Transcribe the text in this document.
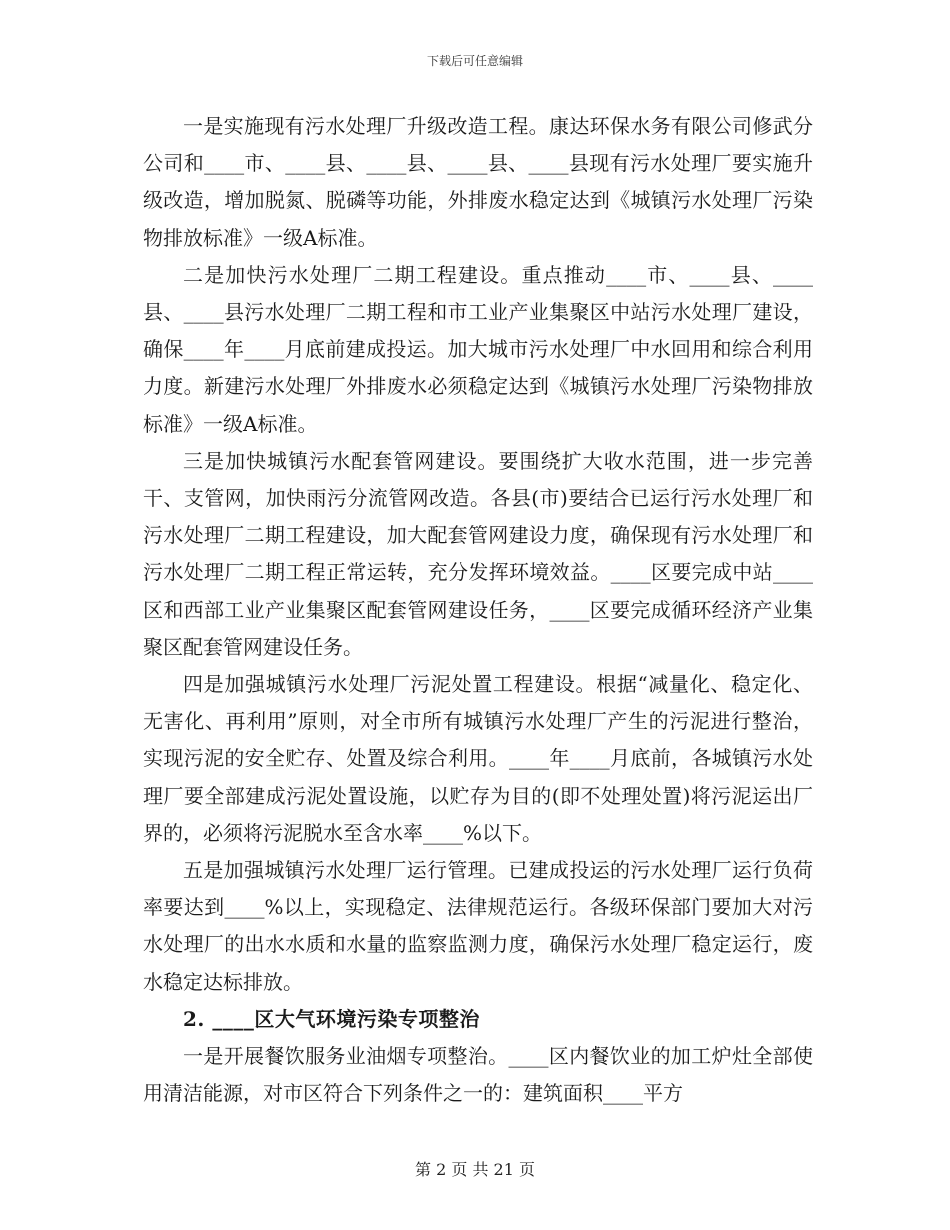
下载后可任意编辑

一是实施现有污水处理厂升级改造工程。康达环保水务有限公司修武分公司和____市、____县、____县、____县、____县现有污水处理厂要实施升级改造，增加脱氮、脱磷等功能，外排废水稳定达到《城镇污水处理厂污染物排放标准》一级A标准。

二是加快污水处理厂二期工程建设。重点推动____市、____县、____县、____县污水处理厂二期工程和市工业产业集聚区中站污水处理厂建设，确保____年____月底前建成投运。加大城市污水处理厂中水回用和综合利用力度。新建污水处理厂外排废水必须稳定达到《城镇污水处理厂污染物排放标准》一级A标准。

三是加快城镇污水配套管网建设。要围绕扩大收水范围，进一步完善干、支管网，加快雨污分流管网改造。各县(市)要结合已运行污水处理厂和污水处理厂二期工程建设，加大配套管网建设力度，确保现有污水处理厂和污水处理厂二期工程正常运转，充分发挥环境效益。____区要完成中站____区和西部工业产业集聚区配套管网建设任务，____区要完成循环经济产业集聚区配套管网建设任务。

四是加强城镇污水处理厂污泥处置工程建设。根据“减量化、稳定化、无害化、再利用”原则，对全市所有城镇污水处理厂产生的污泥进行整治，实现污泥的安全贮存、处置及综合利用。____年____月底前，各城镇污水处理厂要全部建成污泥处置设施，以贮存为目的(即不处理处置)将污泥运出厂界的，必须将污泥脱水至含水率____%以下。

五是加强城镇污水处理厂运行管理。已建成投运的污水处理厂运行负荷率要达到____%以上，实现稳定、法律规范运行。各级环保部门要加大对污水处理厂的出水水质和水量的监察监测力度，确保污水处理厂稳定运行，废水稳定达标排放。

2. ____区大气环境污染专项整治

一是开展餐饮服务业油烟专项整治。____区内餐饮业的加工炉灶全部使用清洁能源，对市区符合下列条件之一的：建筑面积____平方

第 2 页 共 21 页
